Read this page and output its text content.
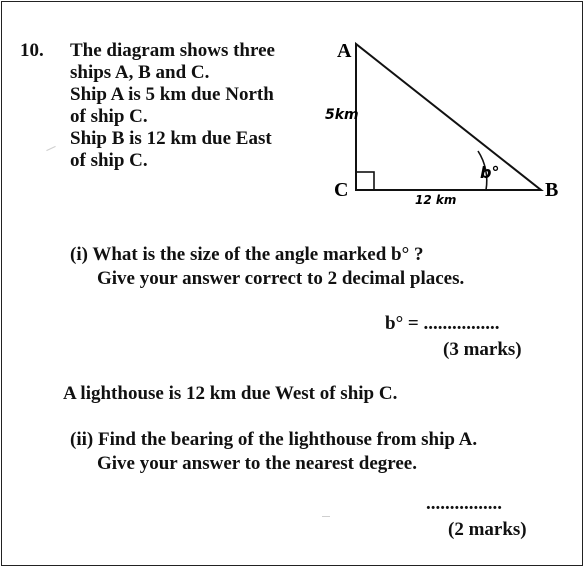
10. The diagram shows three
ships A, B and C.
Ship A is 5 km due North
of ship C.
Ship B is 12 km due East
of ship C.
A
C	B
5km
12 km
b°
(i) What is the size of the angle marked b° ?
Give your answer correct to 2 decimal places.
b° = ................
(3 marks)
A lighthouse is 12 km due West of ship C.
(ii) Find the bearing of the lighthouse from ship A.
Give your answer to the nearest degree.
................
(2 marks)
